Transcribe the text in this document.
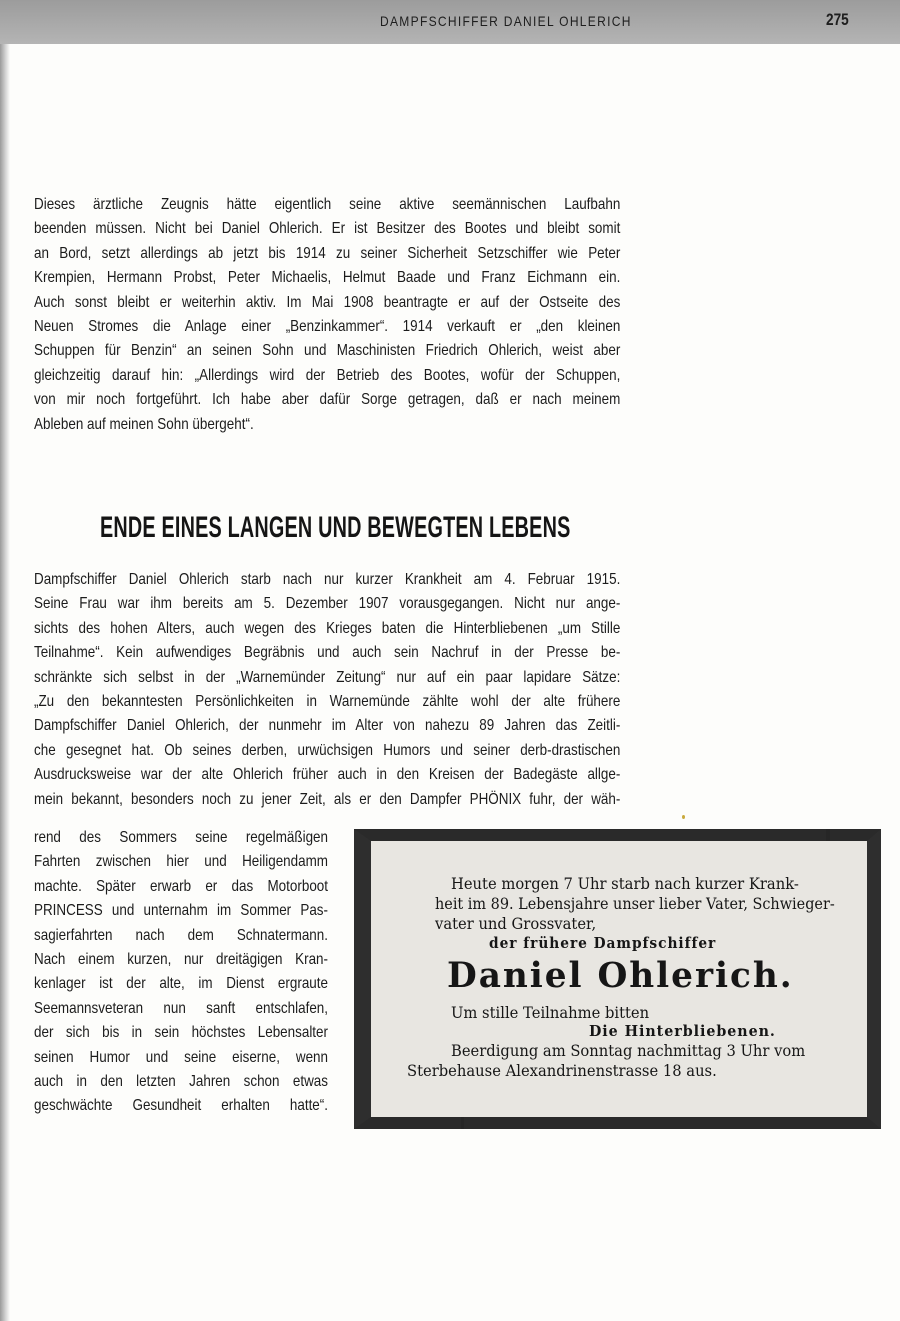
DAMPFSCHIFFER DANIEL OHLERICH	275
Dieses ärztliche Zeugnis hätte eigentlich seine aktive seemännischen Laufbahn
beenden müssen. Nicht bei Daniel Ohlerich. Er ist Besitzer des Bootes und bleibt somit
an Bord, setzt allerdings ab jetzt bis 1914 zu seiner Sicherheit Setzschiffer wie Peter
Krempien, Hermann Probst, Peter Michaelis, Helmut Baade und Franz Eichmann ein.
Auch sonst bleibt er weiterhin aktiv. Im Mai 1908 beantragte er auf der Ostseite des
Neuen Stromes die Anlage einer „Benzinkammer“. 1914 verkauft er „den kleinen
Schuppen für Benzin“ an seinen Sohn und Maschinisten Friedrich Ohlerich, weist aber
gleichzeitig darauf hin: „Allerdings wird der Betrieb des Bootes, wofür der Schuppen,
von mir noch fortgeführt. Ich habe aber dafür Sorge getragen, daß er nach meinem
Ableben auf meinen Sohn übergeht“.
ENDE EINES LANGEN UND BEWEGTEN LEBENS
Dampfschiffer Daniel Ohlerich starb nach nur kurzer Krankheit am 4. Februar 1915.
Seine Frau war ihm bereits am 5. Dezember 1907 vorausgegangen. Nicht nur ange-
sichts des hohen Alters, auch wegen des Krieges baten die Hinterbliebenen „um Stille
Teilnahme“. Kein aufwendiges Begräbnis und auch sein Nachruf in der Presse be-
schränkte sich selbst in der „Warnemünder Zeitung“ nur auf ein paar lapidare Sätze:
„Zu den bekanntesten Persönlichkeiten in Warnemünde zählte wohl der alte frühere
Dampfschiffer Daniel Ohlerich, der nunmehr im Alter von nahezu 89 Jahren das Zeitli-
che gesegnet hat. Ob seines derben, urwüchsigen Humors und seiner derb-drastischen
Ausdrucksweise war der alte Ohlerich früher auch in den Kreisen der Badegäste allge-
mein bekannt, besonders noch zu jener Zeit, als er den Dampfer PHÖNIX fuhr, der wäh-
rend des Sommers seine regelmäßigen
Fahrten zwischen hier und Heiligendamm
machte. Später erwarb er das Motorboot
PRINCESS und unternahm im Sommer Pas-
sagierfahrten nach dem Schnatermann.
Nach einem kurzen, nur dreitägigen Kran-
kenlager ist der alte, im Dienst ergraute
Seemannsveteran nun sanft entschlafen,
der sich bis in sein höchstes Lebensalter
seinen Humor und seine eiserne, wenn
auch in den letzten Jahren schon etwas
geschwächte Gesundheit erhalten hatte“.
Heute morgen 7 Uhr starb nach kurzer Krank-
heit im 89. Lebensjahre unser lieber Vater, Schwieger-
vater und Grossvater,
der frühere Dampfschiffer
Daniel Ohlerich.
Um stille Teilnahme bitten
Die Hinterbliebenen.
Beerdigung am Sonntag nachmittag 3 Uhr vom
Sterbehause Alexandrinenstrasse 18 aus.
